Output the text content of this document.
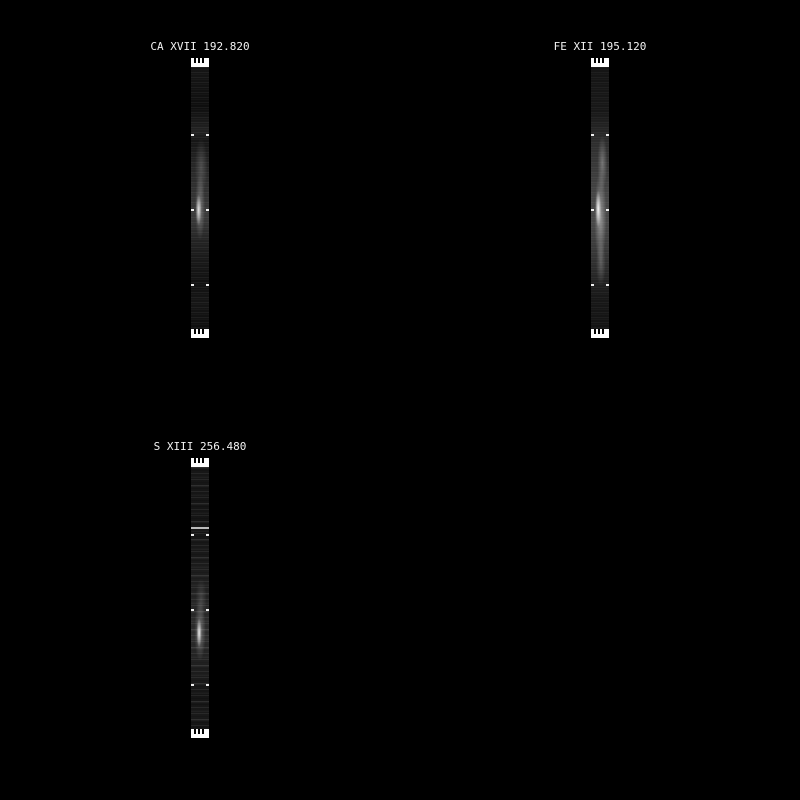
CA XVII 192.820	FE XII 195.120
S XIII 256.480
